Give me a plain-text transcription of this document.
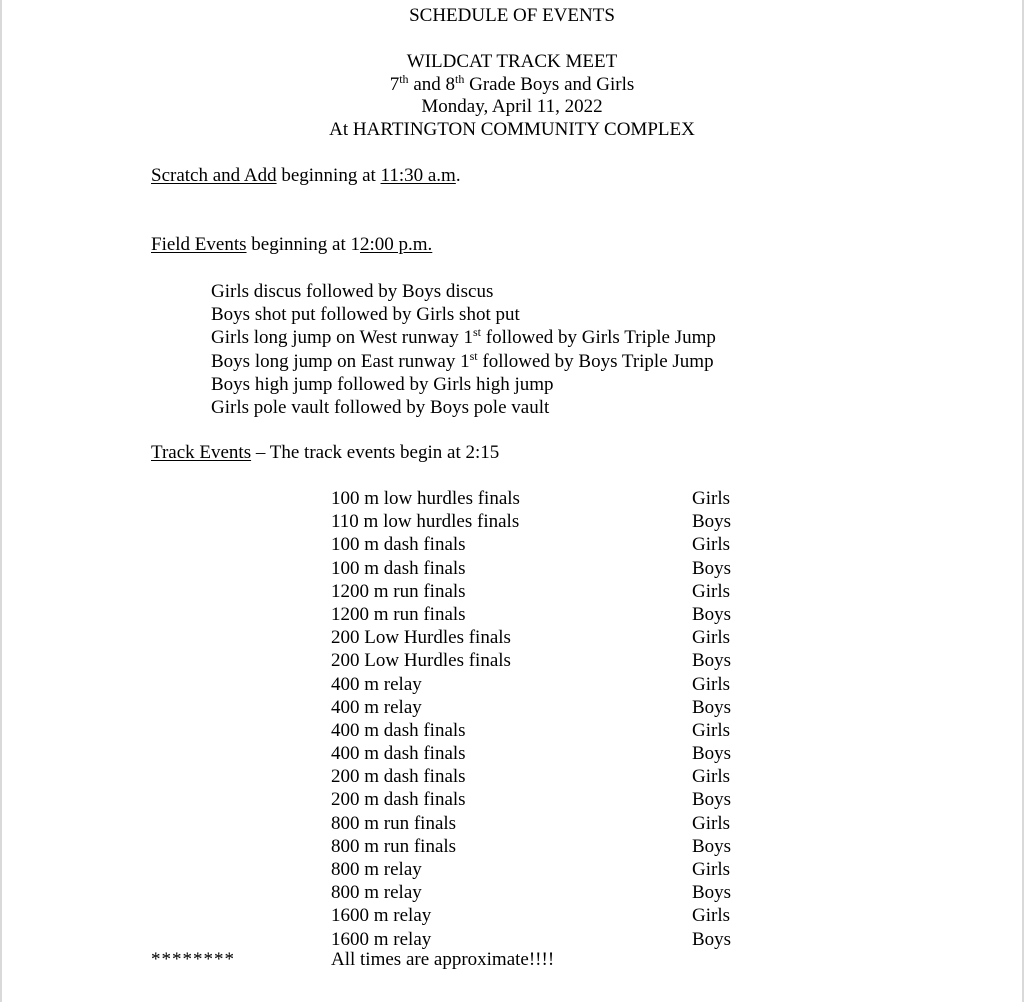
SCHEDULE OF EVENTS
WILDCAT TRACK MEET
7th and 8th Grade Boys and Girls
Monday, April 11, 2022
At HARTINGTON COMMUNITY COMPLEX
Scratch and Add beginning at 11:30 a.m.
Field Events beginning at 12:00 p.m.
Girls discus followed by Boys discus
Boys shot put followed by Girls shot put
Girls long jump on West runway 1st followed by Girls Triple Jump
Boys long jump on East runway 1st followed by Boys Triple Jump
Boys high jump followed by Girls high jump
Girls pole vault followed by Boys pole vault
Track Events – The track events begin at 2:15
100 m low hurdles finals	Girls
110 m low hurdles finals	Boys
100 m dash finals	Girls
100 m dash finals	Boys
1200 m run finals	Girls
1200 m run finals	Boys
200 Low Hurdles finals	Girls
200 Low Hurdles finals	Boys
400 m relay	Girls
400 m relay	Boys
400 m dash finals	Girls
400 m dash finals	Boys
200 m dash finals	Girls
200 m dash finals	Boys
800 m run finals	Girls
800 m run finals	Boys
800 m relay	Girls
800 m relay	Boys
1600 m relay	Girls
1600 m relay	Boys
********	All times are approximate!!!!
